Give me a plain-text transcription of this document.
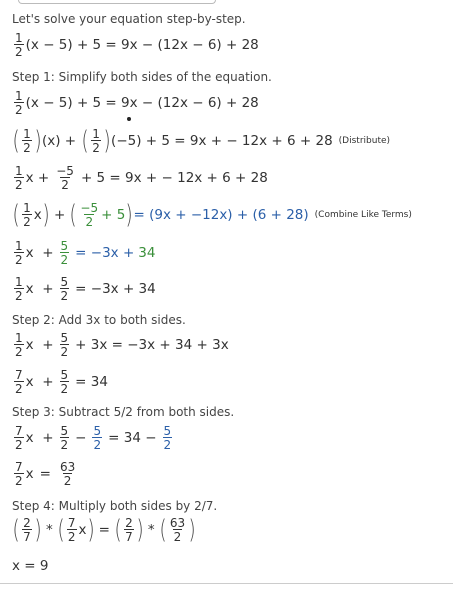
Let's solve your equation step-by-step.
1
2 (x − 5) + 5 = 9x − (12x − 6) + 28
Step 1: Simplify both sides of the equation.
1
2 (x − 5) + 5 = 9x − (12x − 6) + 28
( 1
2 ) (x) + ( 1
2 ) (−5) + 5 = 9x + − 12x + 6 + 28 (Distribute)
1
2 $x + \frac{-5}{2} + 5 = 9x$ + − 12x + 6 + 28
( 1
2 x ) + ( −5
2 + 5 ) = (9x + −12x) + (6 + 28) (Combine Like Terms)
1
2 $x + \frac{5}{2} = -3x + 34$
1
2 $x + \frac{5}{2} = -3x + 34$
Step 2: Add 3x to both sides.
1
2 $x + \frac{5}{2} + 3x = -3x + 34 + 3x$
7
2 $x + \frac{5}{2} = 34$
Step 3: Subtract 5/2 from both sides.
7
2 $x + \frac{5}{2} - \frac{5}{2} = 34 - \frac{5}{2}$
7
2 $x = \frac{63}{2}$
Step 4: Multiply both sides by 2/7.
( 2
7 ) * ( 7
2 x ) = ( 2
7 ) * ( 63
2 )
x = 9
